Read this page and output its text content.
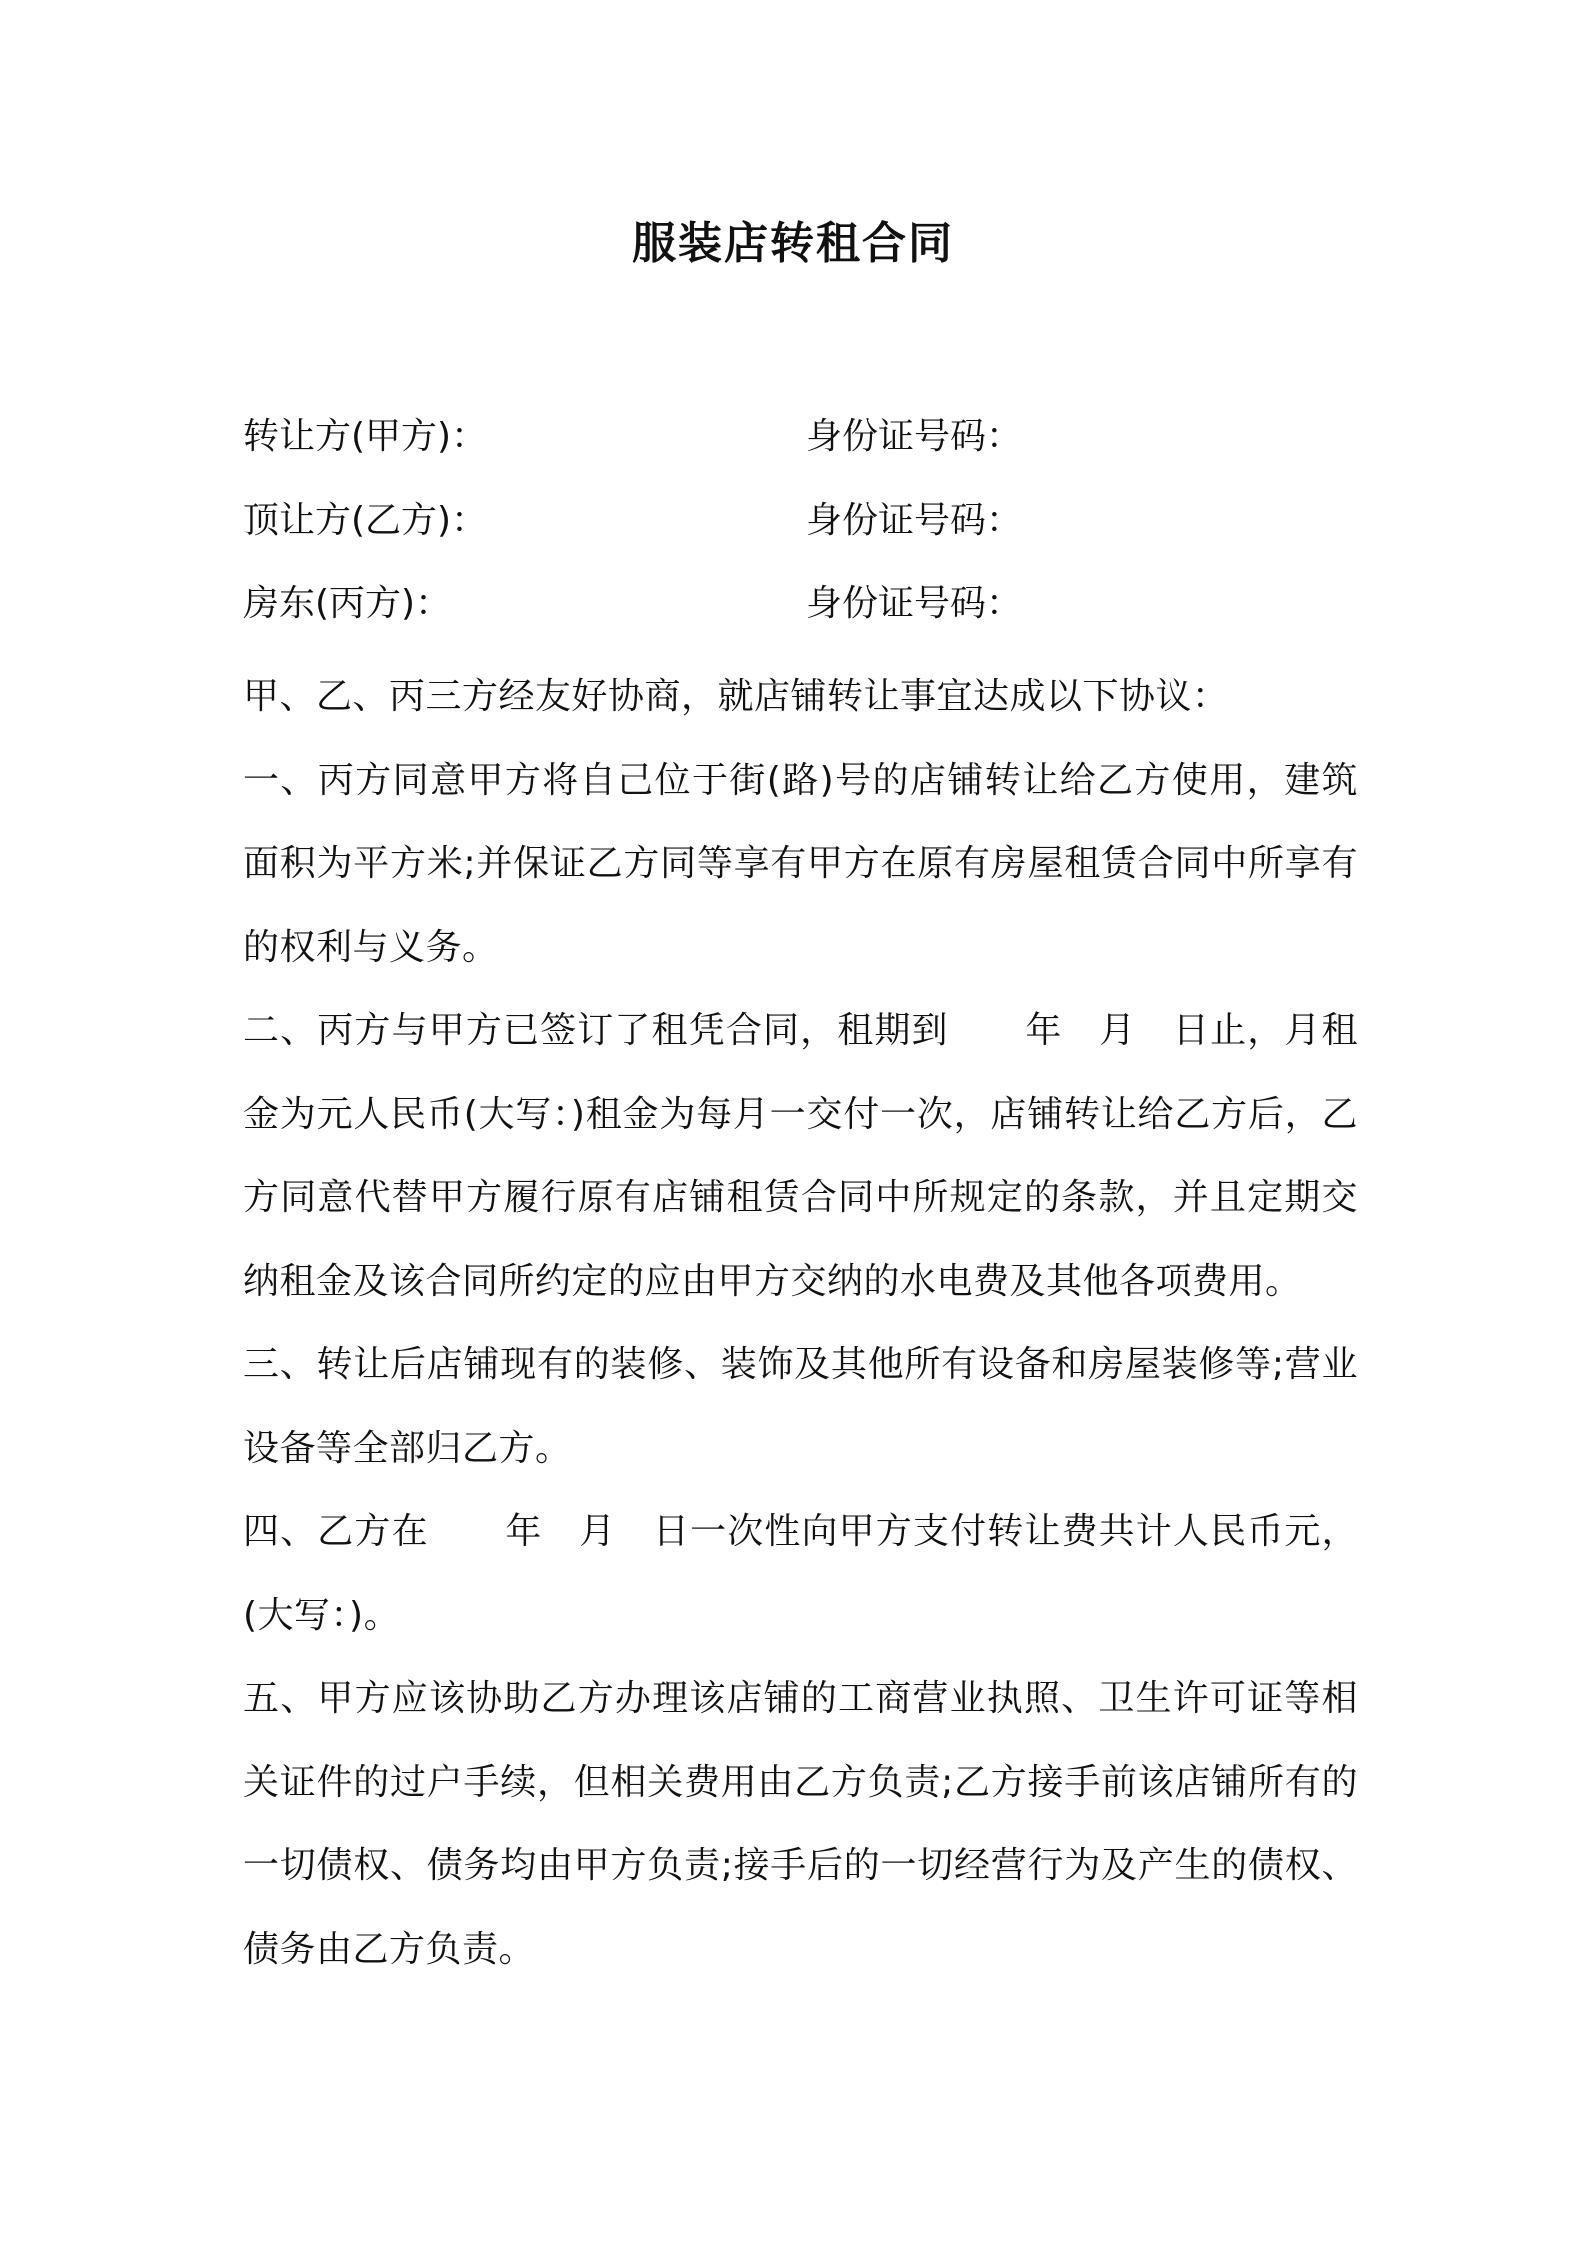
服装店转租合同
转让方(甲方)：	身份证号码：
顶让方(乙方)：	身份证号码：
房东(丙方)：	身份证号码：

甲、乙、丙三方经友好协商，就店铺转让事宜达成以下协议：

一、丙方同意甲方将自己位于街(路)号的店铺转让给乙方使用，建筑面积为平方米;并保证乙方同等享有甲方在原有房屋租赁合同中所享有的权利与义务。

二、丙方与甲方已签订了租凭合同，租期到 年 月 日止，月租金为元人民币(大写：)租金为每月一交付一次，店铺转让给乙方后，乙方同意代替甲方履行原有店铺租赁合同中所规定的条款，并且定期交纳租金及该合同所约定的应由甲方交纳的水电费及其他各项费用。

三、转让后店铺现有的装修、装饰及其他所有设备和房屋装修等;营业设备等全部归乙方。

四、乙方在 年 月 日一次性向甲方支付转让费共计人民币元，(大写：)。

五、甲方应该协助乙方办理该店铺的工商营业执照、卫生许可证等相关证件的过户手续，但相关费用由乙方负责;乙方接手前该店铺所有的一切债权、债务均由甲方负责;接手后的一切经营行为及产生的债权、债务由乙方负责。
